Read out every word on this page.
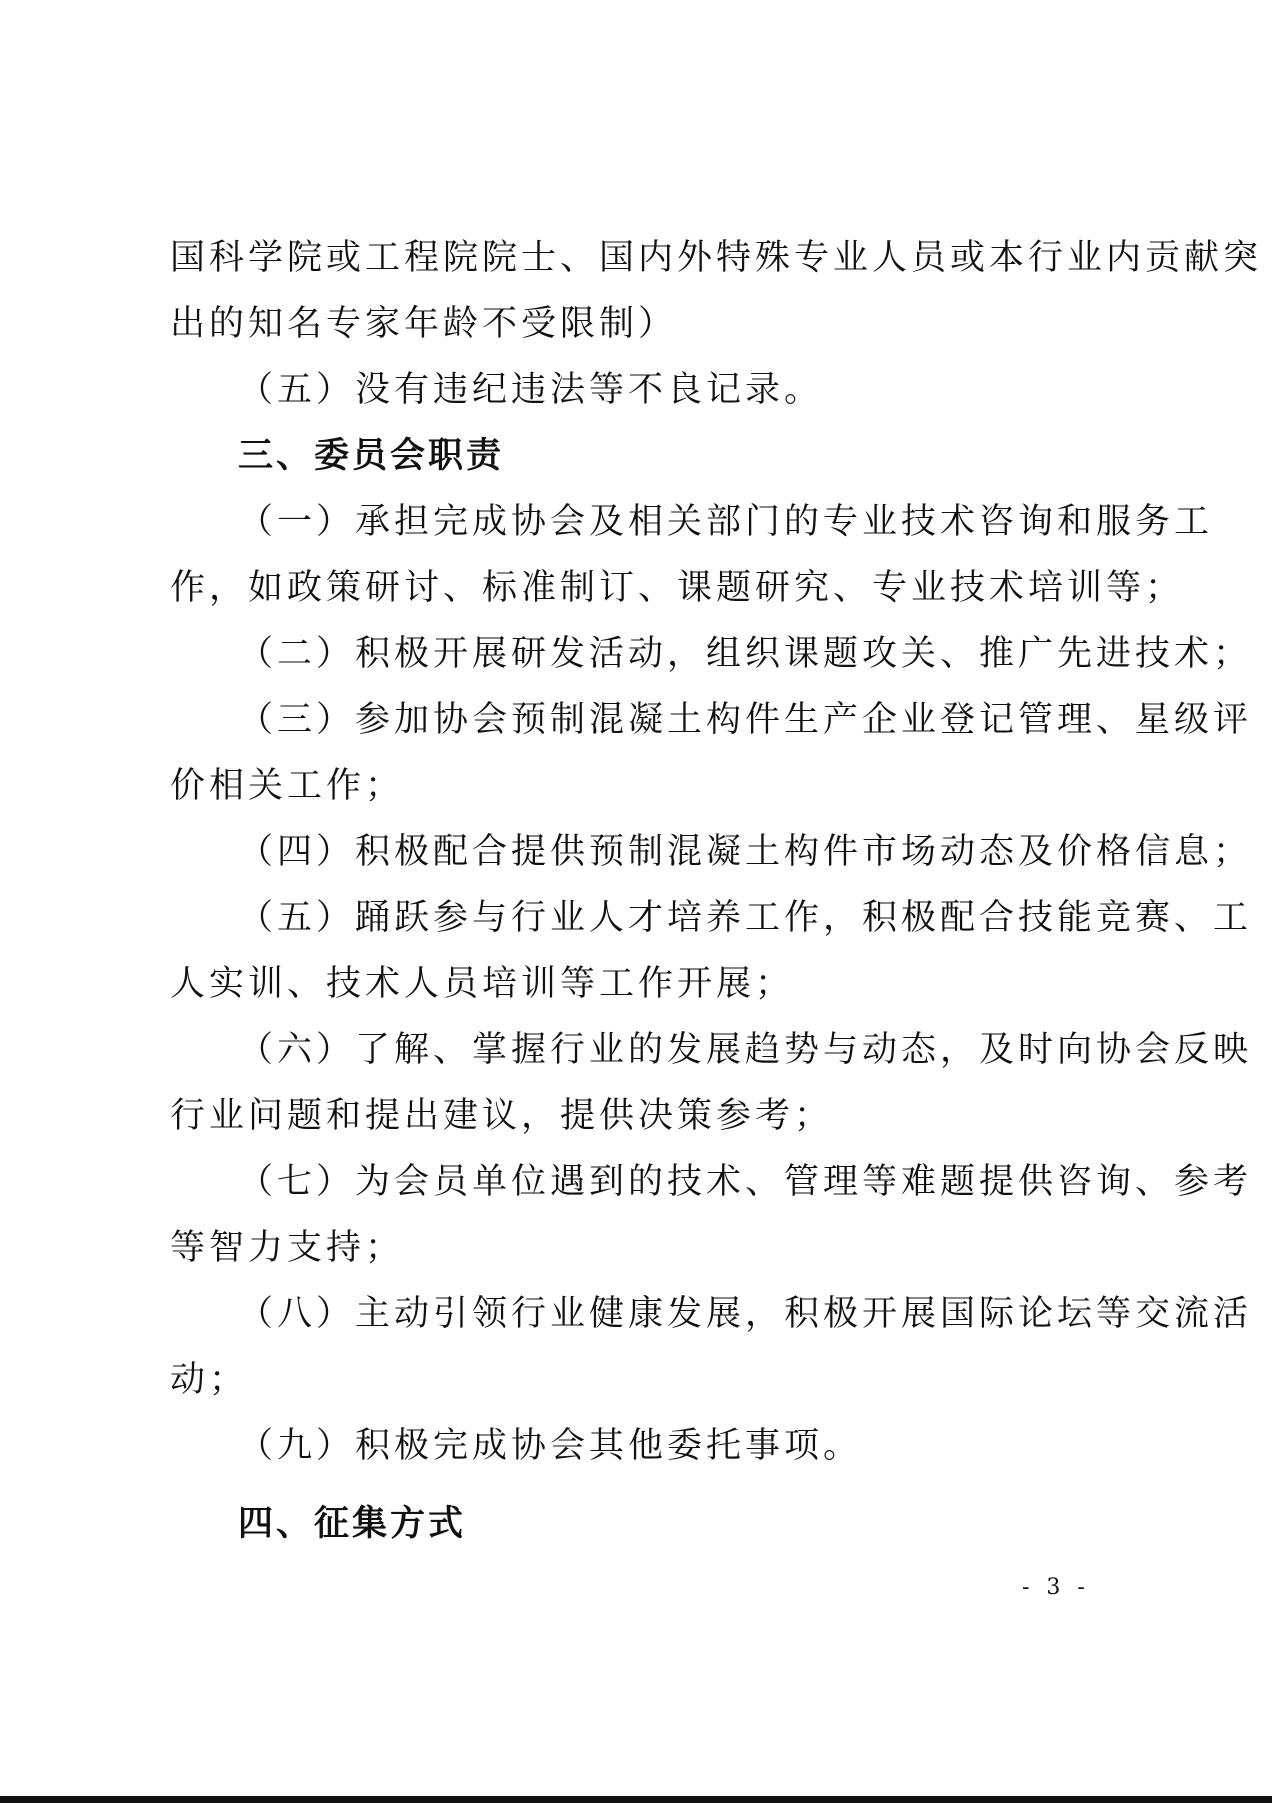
国科学院或工程院院士、国内外特殊专业人员或本行业内贡献突
出的知名专家年龄不受限制）
（五）没有违纪违法等不良记录。
三、委员会职责
（一）承担完成协会及相关部门的专业技术咨询和服务工
作，如政策研讨、标准制订、课题研究、专业技术培训等；
（二）积极开展研发活动，组织课题攻关、推广先进技术；
（三）参加协会预制混凝土构件生产企业登记管理、星级评
价相关工作；
（四）积极配合提供预制混凝土构件市场动态及价格信息；
（五）踊跃参与行业人才培养工作，积极配合技能竞赛、工
人实训、技术人员培训等工作开展；
（六）了解、掌握行业的发展趋势与动态，及时向协会反映
行业问题和提出建议，提供决策参考；
（七）为会员单位遇到的技术、管理等难题提供咨询、参考
等智力支持；
（八）主动引领行业健康发展，积极开展国际论坛等交流活
动；
（九）积极完成协会其他委托事项。
四、征集方式
- 3 -
